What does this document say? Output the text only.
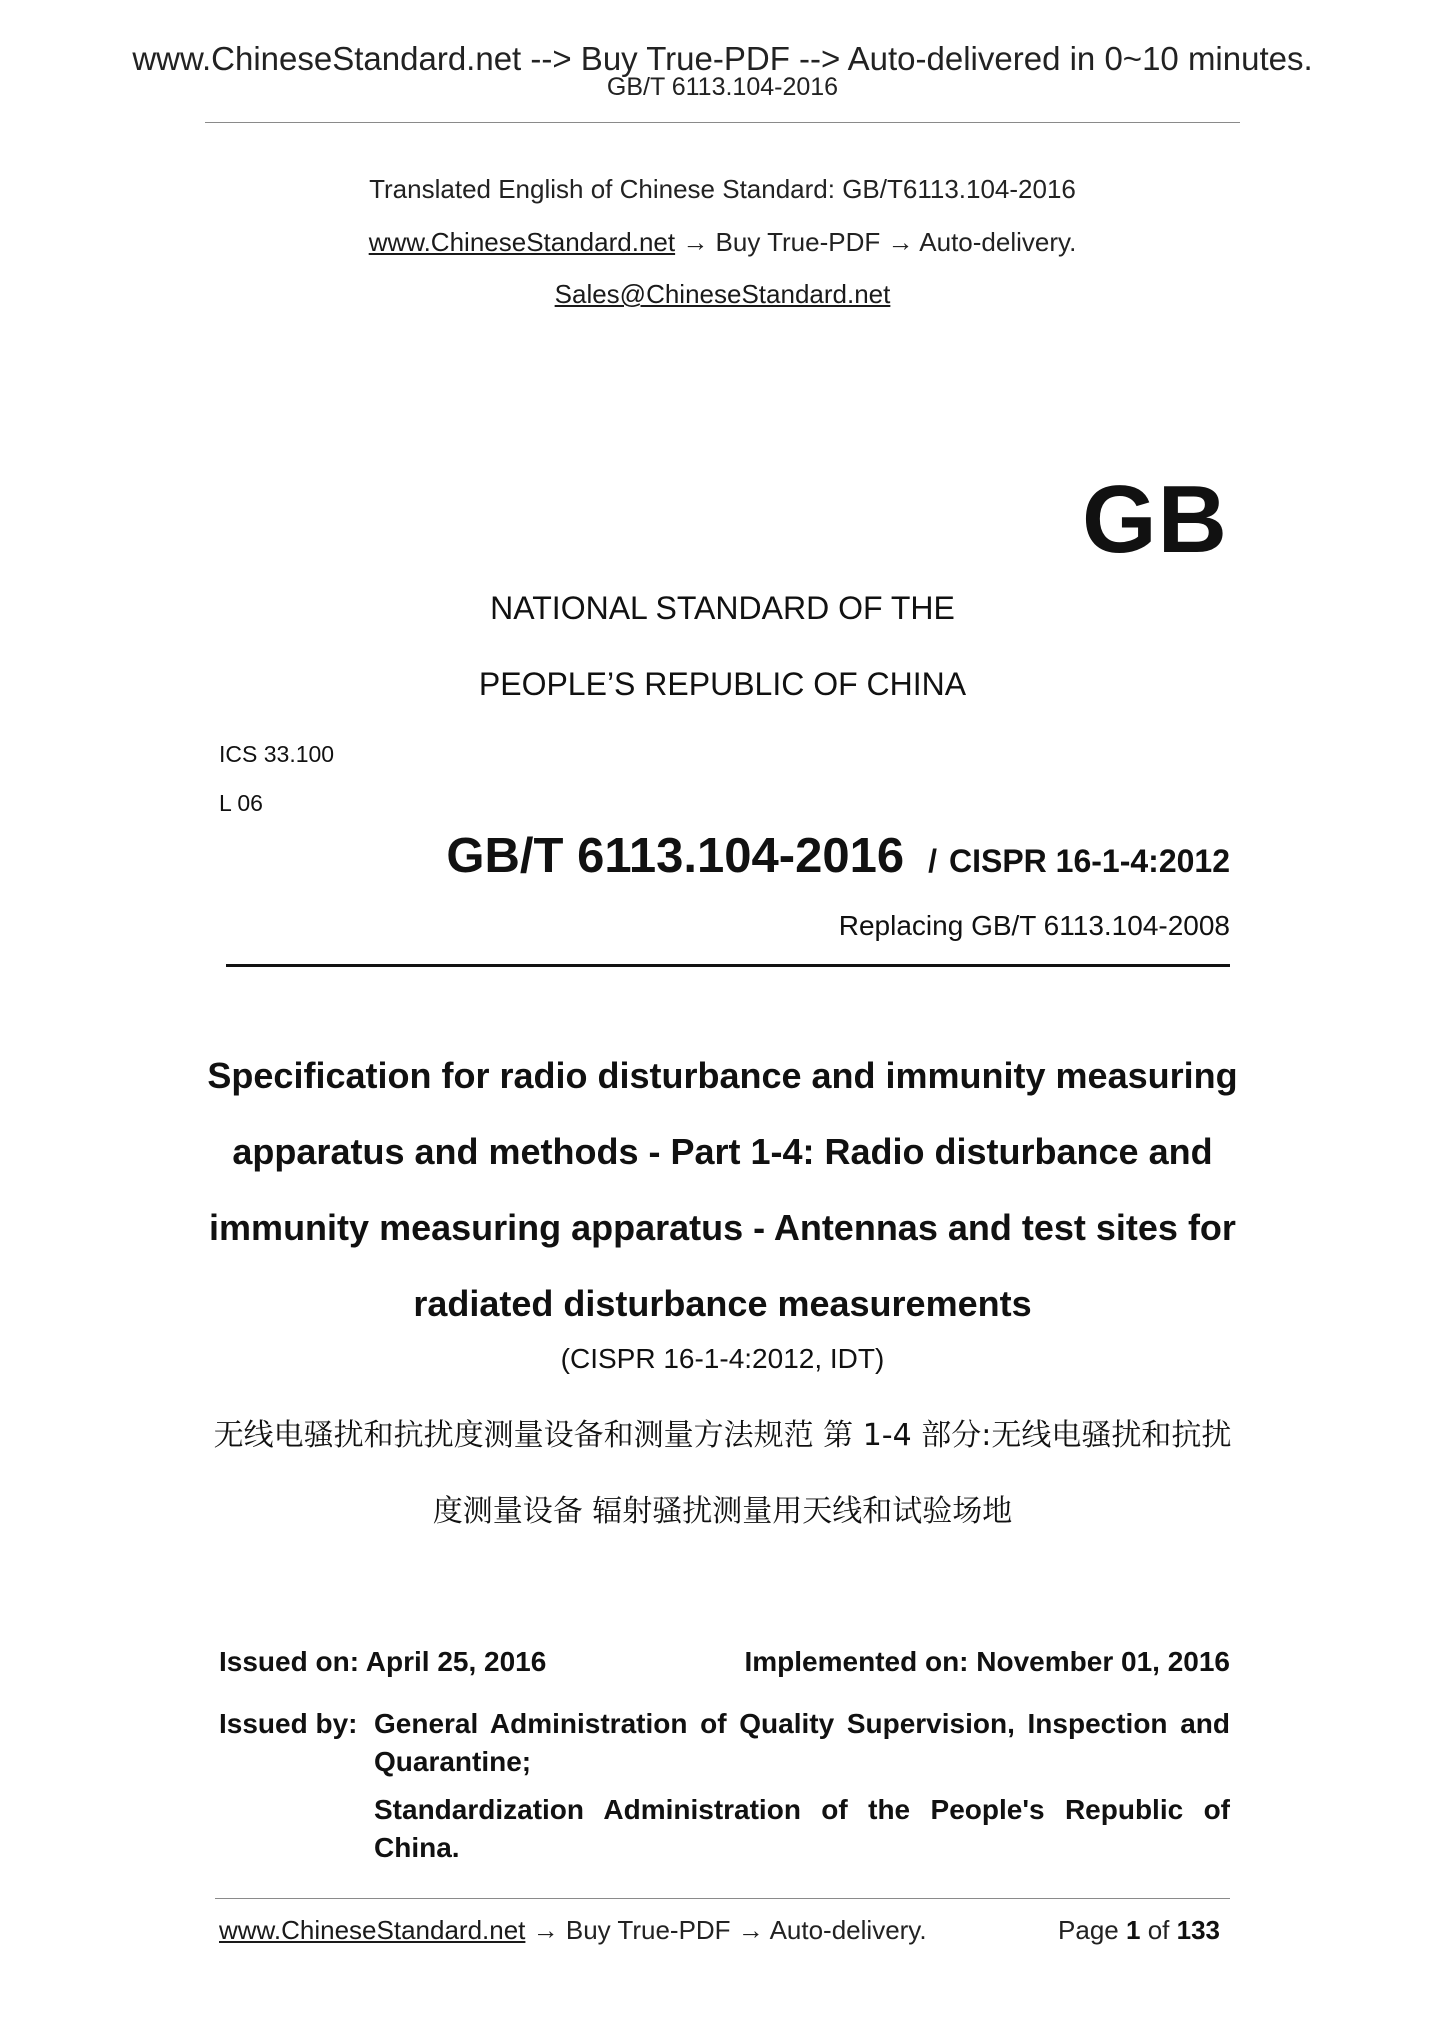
www.ChineseStandard.net --> Buy True-PDF --> Auto-delivered in 0~10 minutes.
GB/T 6113.104-2016
Translated English of Chinese Standard: GB/T6113.104-2016
www.ChineseStandard.net → Buy True-PDF → Auto-delivery.
Sales@ChineseStandard.net
GB
NATIONAL STANDARD OF THE
PEOPLE’S REPUBLIC OF CHINA
ICS 33.100
L 06
GB/T 6113.104-2016 / CISPR 16-1-4:2012
Replacing GB/T 6113.104-2008
Specification for radio disturbance and immunity measuring apparatus and methods - Part 1-4: Radio disturbance and immunity measuring apparatus - Antennas and test sites for radiated disturbance measurements
(CISPR 16-1-4:2012, IDT)
无线电骚扰和抗扰度测量设备和测量方法规范 第 1-4 部分:无线电骚扰和抗扰度测量设备 辐射骚扰测量用天线和试验场地
Issued on: April 25, 2016	Implemented on: November 01, 2016
Issued by: General Administration of Quality Supervision, Inspection and
Quarantine;
Standardization Administration of the People's Republic of
China.
www.ChineseStandard.net → Buy True-PDF → Auto-delivery.	Page 1 of 133
